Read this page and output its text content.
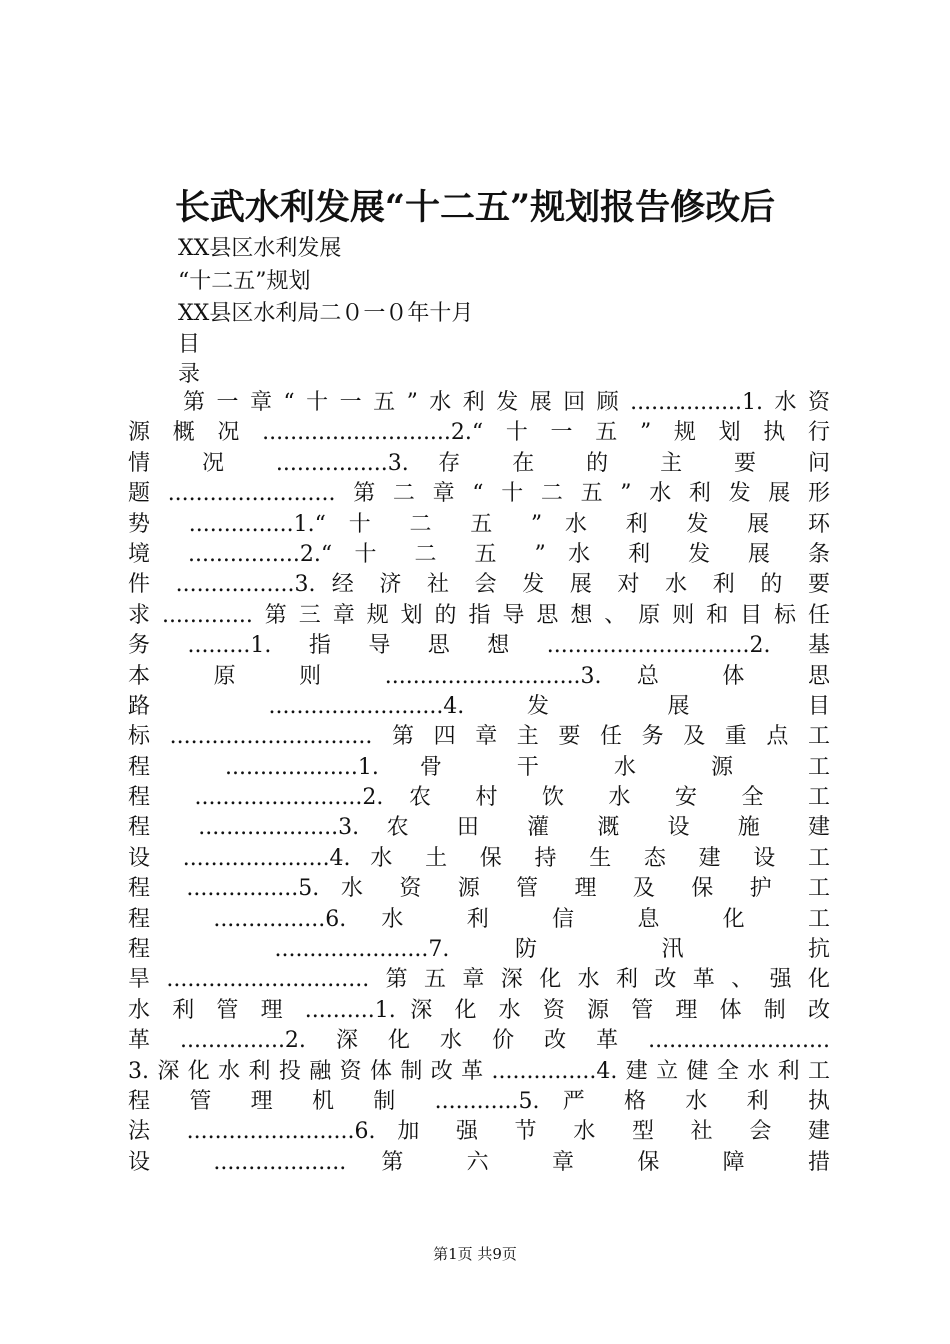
长武水利发展“十二五”规划报告修改后
XX县区水利发展
“十二五”规划
XX县区水利局二０一０年十月
目
录
第一章“十一五”水利发展回顾................1.水资
源概况...........................2.“十一五”规划执行
情 况 ................3. 存 在 的 主 要 问
题........................第二章“十二五”水利发展形
势 ...............1.“ 十 二 五 ” 水 利 发 展 环
境 ................2.“ 十 二 五 ” 水 利 发 展 条
件 .................3. 经 济 社 会 发 展 对 水 利 的 要
求.............第三章规划的指导思想、原则和目标任
务.........1.指导思想.............................2.基
本 原 则 ............................3. 总 体 思
路 .........................4. 发 展 目
标.............................第四章主要任务及重点工
程 ...................1. 骨 干 水 源 工
程 ........................2. 农 村 饮 水 安 全 工
程 ....................3. 农 田 灌 溉 设 施 建
设 .....................4. 水 土 保 持 生 态 建 设 工
程 ................5. 水 资 源 管 理 及 保 护 工
程 ................6. 水 利 信 息 化 工
程 ......................7. 防 汛 抗
旱.............................第五章深化水利改革、强化
水 利 管 理 ..........1. 深 化 水 资 源 管 理 体 制 改
革...............2.深化水价改革..........................
3.深化水利投融资体制改革...............4.建立健全水利工
程 管 理 机 制 ............5. 严 格 水 利 执
法 ........................6. 加 强 节 水 型 社 会 建
设 ................... 第 六 章 保 障 措
第1页 共9页
